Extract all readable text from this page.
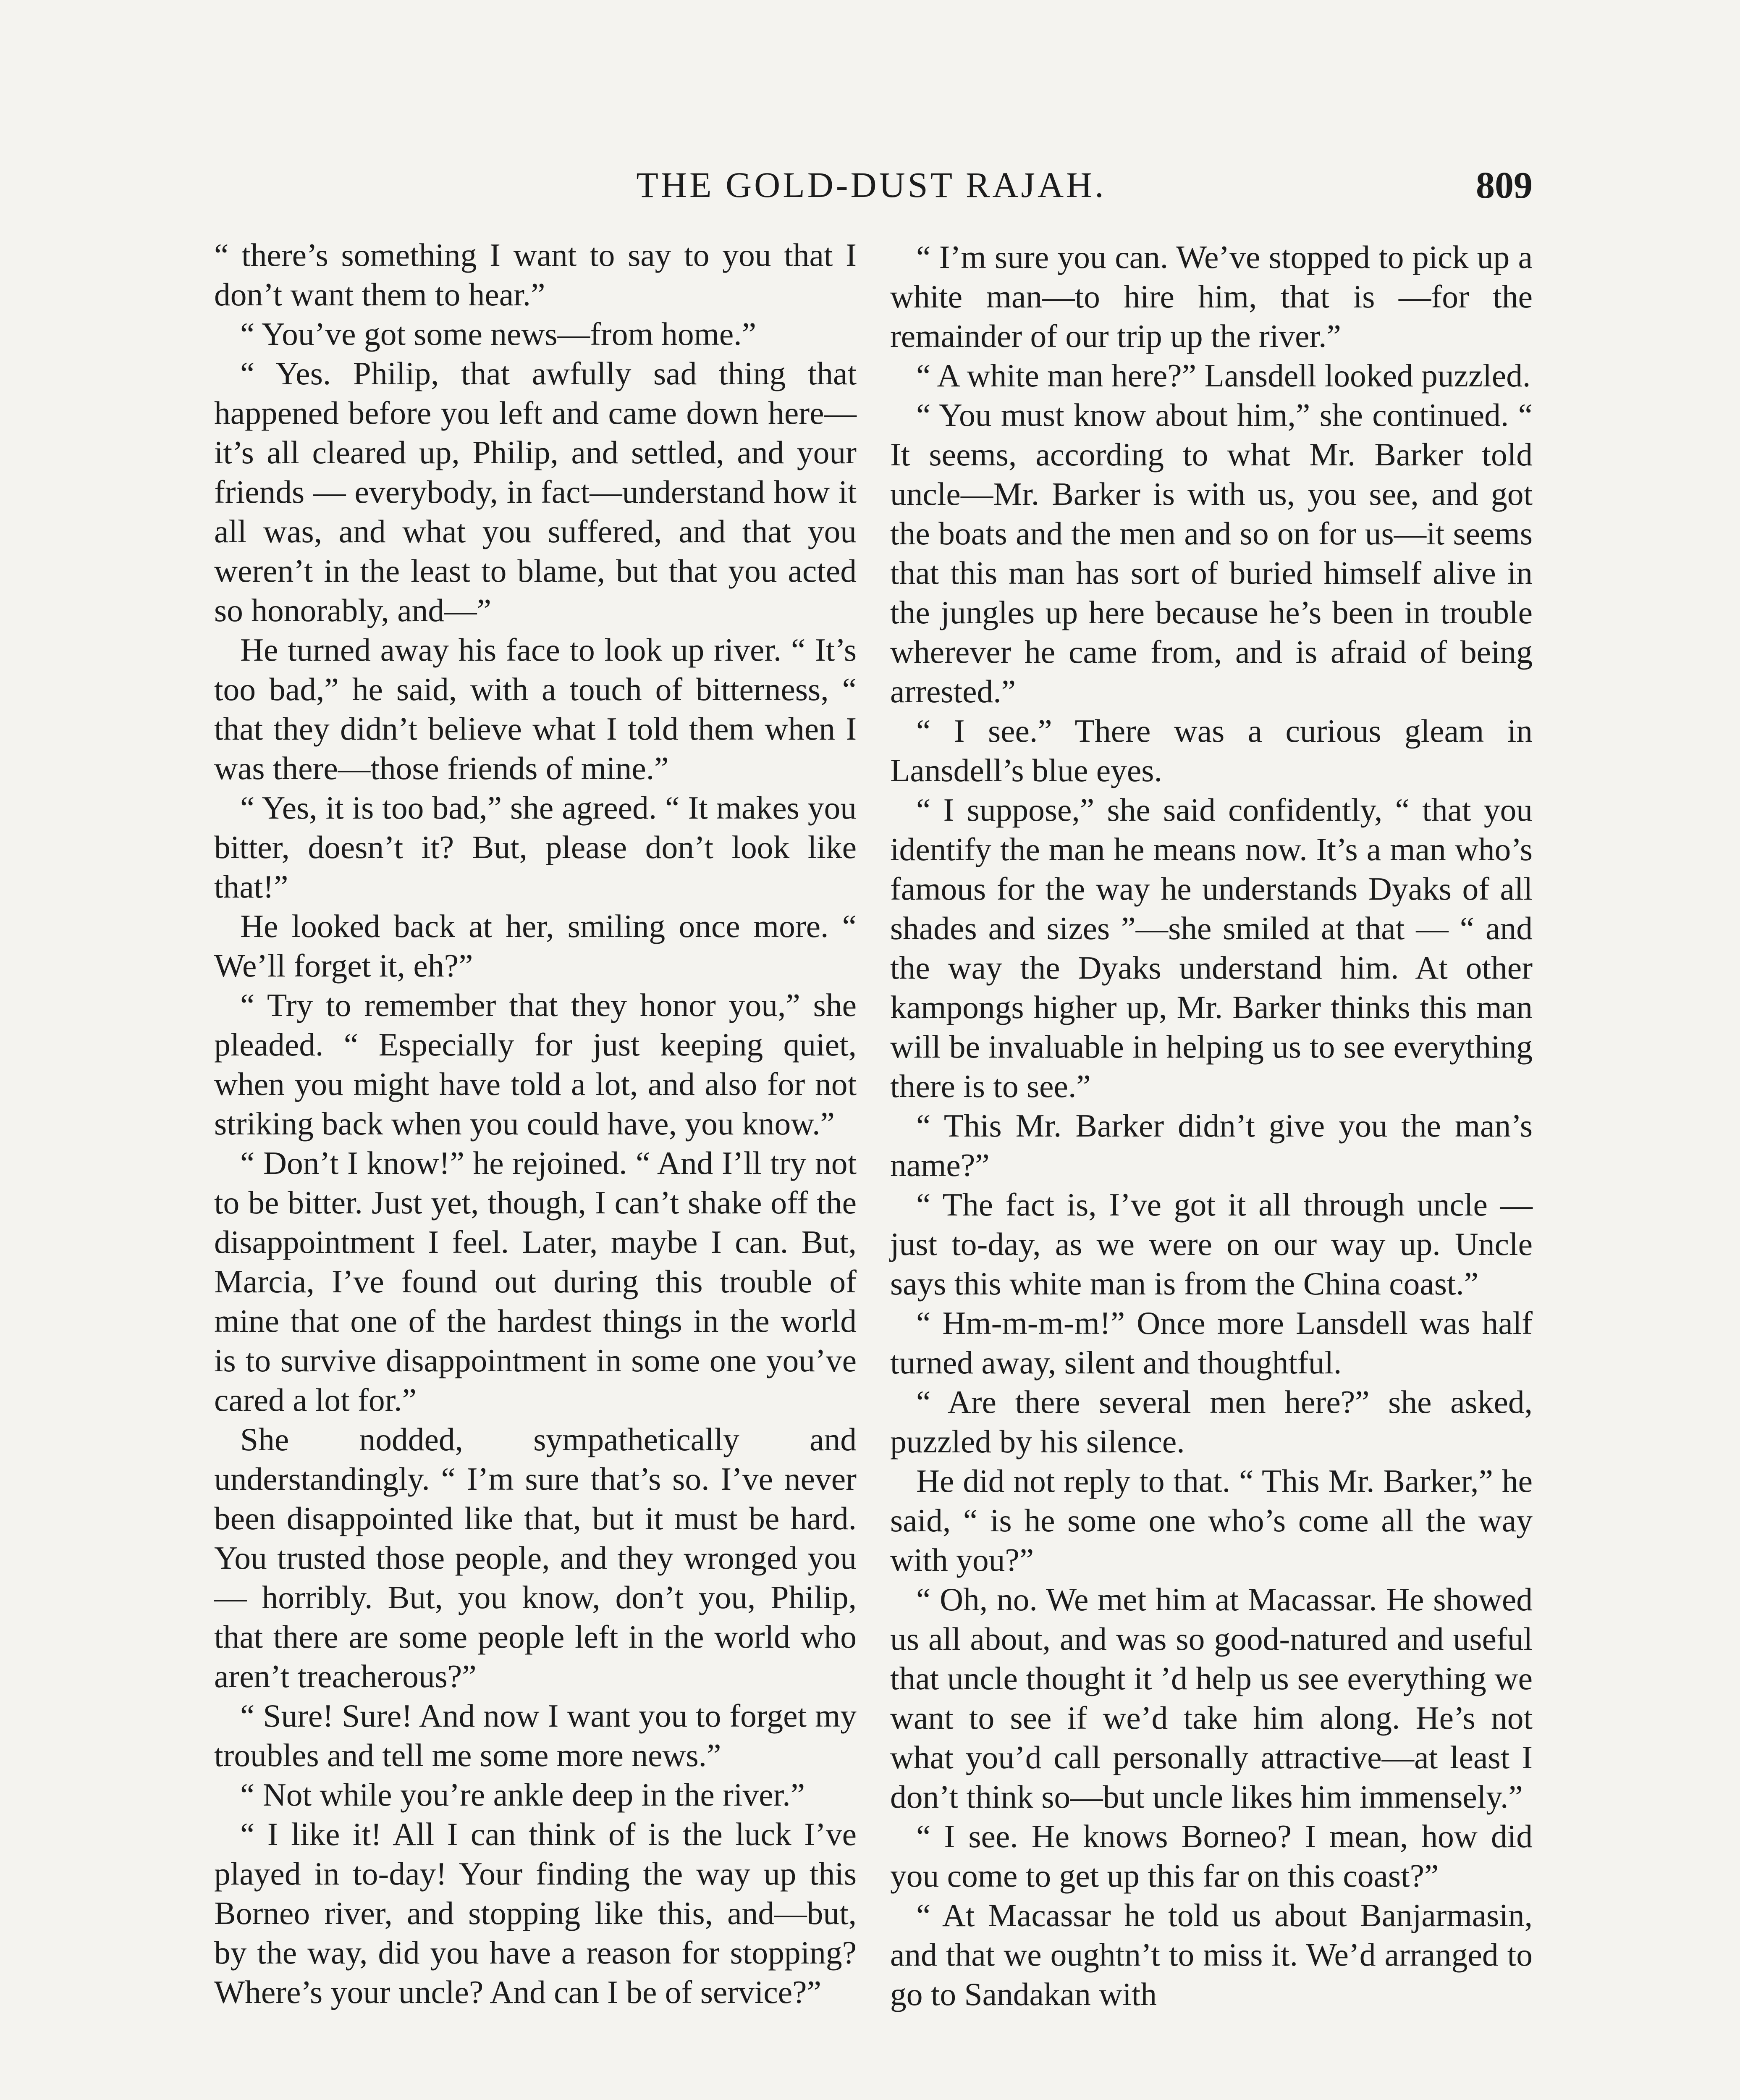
THE GOLD-DUST RAJAH.	809

“ there’s something I want to say to you that I don’t want them to hear.”

“ You’ve got some news—from home.”

“ Yes. Philip, that awfully sad thing that happened before you left and came down here—it’s all cleared up, Philip, and settled, and your friends — everybody, in fact—understand how it all was, and what you suffered, and that you weren’t in the least to blame, but that you acted so honorably, and—”

He turned away his face to look up river. “ It’s too bad,” he said, with a touch of bitterness, “ that they didn’t believe what I told them when I was there—those friends of mine.”

“ Yes, it is too bad,” she agreed. “ It makes you bitter, doesn’t it? But, please don’t look like that!”

He looked back at her, smiling once more. “ We’ll forget it, eh?”

“ Try to remember that they honor you,” she pleaded. “ Especially for just keeping quiet, when you might have told a lot, and also for not striking back when you could have, you know.”

“ Don’t I know!” he rejoined. “ And I’ll try not to be bitter. Just yet, though, I can’t shake off the disappointment I feel. Later, maybe I can. But, Marcia, I’ve found out during this trouble of mine that one of the hardest things in the world is to survive disappointment in some one you’ve cared a lot for.”

She nodded, sympathetically and understandingly. “ I’m sure that’s so. I’ve never been disappointed like that, but it must be hard. You trusted those people, and they wronged you — horribly. But, you know, don’t you, Philip, that there are some people left in the world who aren’t treacherous?”

“ Sure! Sure! And now I want you to forget my troubles and tell me some more news.”

“ Not while you’re ankle deep in the river.”

“ I like it! All I can think of is the luck I’ve played in to-day! Your finding the way up this Borneo river, and stopping like this, and—but, by the way, did you have a reason for stopping? Where’s your uncle? And can I be of service?”

“ I’m sure you can. We’ve stopped to pick up a white man—to hire him, that is —for the remainder of our trip up the river.”

“ A white man here?” Lansdell looked puzzled.

“ You must know about him,” she continued. “ It seems, according to what Mr. Barker told uncle—Mr. Barker is with us, you see, and got the boats and the men and so on for us—it seems that this man has sort of buried himself alive in the jungles up here because he’s been in trouble wherever he came from, and is afraid of being arrested.”

“ I see.” There was a curious gleam in Lansdell’s blue eyes.

“ I suppose,” she said confidently, “ that you identify the man he means now. It’s a man who’s famous for the way he understands Dyaks of all shades and sizes ”—she smiled at that — “ and the way the Dyaks understand him. At other kampongs higher up, Mr. Barker thinks this man will be invaluable in helping us to see everything there is to see.”

“ This Mr. Barker didn’t give you the man’s name?”

“ The fact is, I’ve got it all through uncle —just to-day, as we were on our way up. Uncle says this white man is from the China coast.”

“ Hm-m-m-m!” Once more Lansdell was half turned away, silent and thoughtful.

“ Are there several men here?” she asked, puzzled by his silence.

He did not reply to that. “ This Mr. Barker,” he said, “ is he some one who’s come all the way with you?”

“ Oh, no. We met him at Macassar. He showed us all about, and was so good-natured and useful that uncle thought it ’d help us see everything we want to see if we’d take him along. He’s not what you’d call personally attractive—at least I don’t think so—but uncle likes him immensely.”

“ I see. He knows Borneo? I mean, how did you come to get up this far on this coast?”

“ At Macassar he told us about Banjarmasin, and that we oughtn’t to miss it. We’d arranged to go to Sandakan with
